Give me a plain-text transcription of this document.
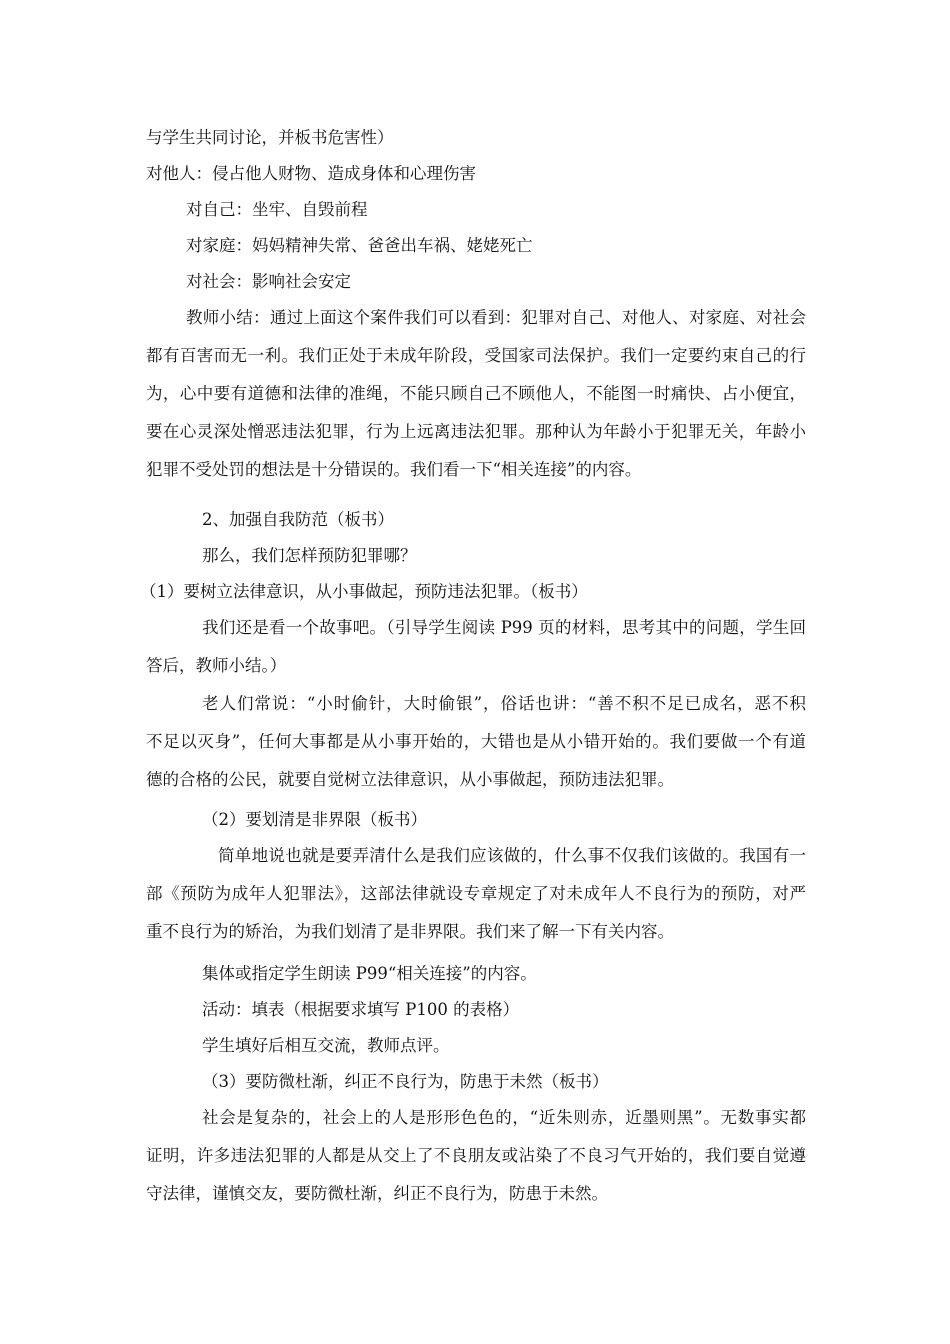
与学生共同讨论，并板书危害性）
对他人：侵占他人财物、造成身体和心理伤害
对自己：坐牢、自毁前程
对家庭：妈妈精神失常、爸爸出车祸、姥姥死亡
对社会：影响社会安定
教师小结：通过上面这个案件我们可以看到：犯罪对自己、对他人、对家庭、对社会
都有百害而无一利。我们正处于未成年阶段，受国家司法保护。我们一定要约束自己的行
为，心中要有道德和法律的准绳，不能只顾自己不顾他人，不能图一时痛快、占小便宜，
要在心灵深处憎恶违法犯罪，行为上远离违法犯罪。那种认为年龄小于犯罪无关，年龄小
犯罪不受处罚的想法是十分错误的。我们看一下“相关连接”的内容。
2、加强自我防范（板书）
那么，我们怎样预防犯罪哪？
（1）要树立法律意识，从小事做起，预防违法犯罪。（板书）
我们还是看一个故事吧。（引导学生阅读 P99 页的材料，思考其中的问题，学生回
答后，教师小结。）
老人们常说：“小时偷针，大时偷银”，俗话也讲：“善不积不足已成名，恶不积
不足以灭身”，任何大事都是从小事开始的，大错也是从小错开始的。我们要做一个有道
德的合格的公民，就要自觉树立法律意识，从小事做起，预防违法犯罪。
（2）要划清是非界限（板书）
简单地说也就是要弄清什么是我们应该做的，什么事不仅我们该做的。我国有一
部《预防为成年人犯罪法》，这部法律就设专章规定了对未成年人不良行为的预防，对严
重不良行为的矫治，为我们划清了是非界限。我们来了解一下有关内容。
集体或指定学生朗读 P99“相关连接”的内容。
活动：填表（根据要求填写 P100 的表格）
学生填好后相互交流，教师点评。
（3）要防微杜渐，纠正不良行为，防患于未然（板书）
社会是复杂的，社会上的人是形形色色的，“近朱则赤，近墨则黑”。无数事实都
证明，许多违法犯罪的人都是从交上了不良朋友或沾染了不良习气开始的，我们要自觉遵
守法律，谨慎交友，要防微杜渐，纠正不良行为，防患于未然。
